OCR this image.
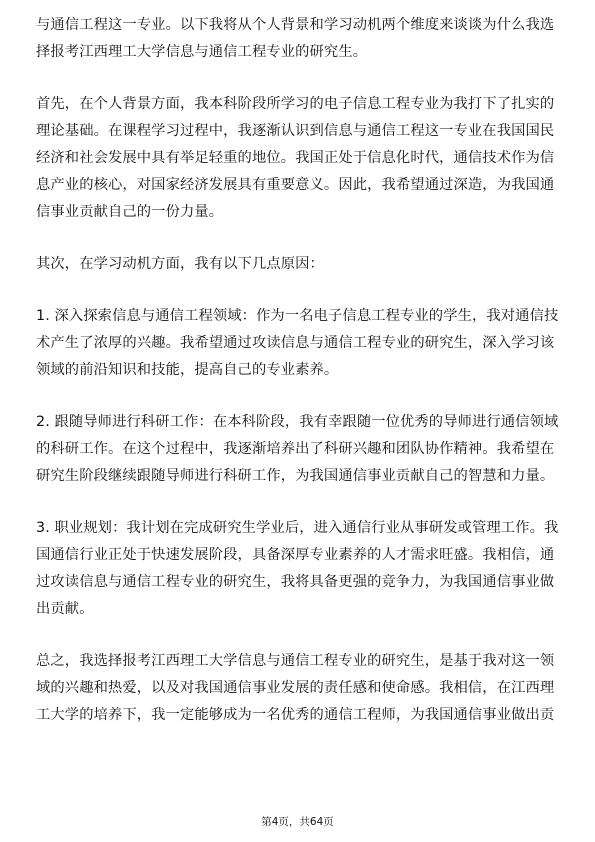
与通信工程这一专业。以下我将从个人背景和学习动机两个维度来谈谈为什么我选
择报考江西理工大学信息与通信工程专业的研究生。

首先，在个人背景方面，我本科阶段所学习的电子信息工程专业为我打下了扎实的
理论基础。在课程学习过程中，我逐渐认识到信息与通信工程这一专业在我国国民
经济和社会发展中具有举足轻重的地位。我国正处于信息化时代，通信技术作为信
息产业的核心，对国家经济发展具有重要意义。因此，我希望通过深造，为我国通
信事业贡献自己的一份力量。

其次，在学习动机方面，我有以下几点原因：

1. 深入探索信息与通信工程领域：作为一名电子信息工程专业的学生，我对通信技
术产生了浓厚的兴趣。我希望通过攻读信息与通信工程专业的研究生，深入学习该
领域的前沿知识和技能，提高自己的专业素养。

2. 跟随导师进行科研工作：在本科阶段，我有幸跟随一位优秀的导师进行通信领域
的科研工作。在这个过程中，我逐渐培养出了科研兴趣和团队协作精神。我希望在
研究生阶段继续跟随导师进行科研工作，为我国通信事业贡献自己的智慧和力量。

3. 职业规划：我计划在完成研究生学业后，进入通信行业从事研发或管理工作。我
国通信行业正处于快速发展阶段，具备深厚专业素养的人才需求旺盛。我相信，通
过攻读信息与通信工程专业的研究生，我将具备更强的竞争力，为我国通信事业做
出贡献。

总之，我选择报考江西理工大学信息与通信工程专业的研究生，是基于我对这一领
域的兴趣和热爱，以及对我国通信事业发展的责任感和使命感。我相信，在江西理
工大学的培养下，我一定能够成为一名优秀的通信工程师，为我国通信事业做出贡

第4页，共64页
